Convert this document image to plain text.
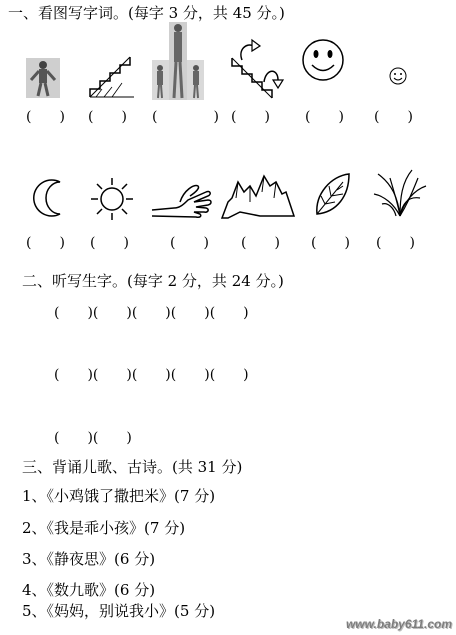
一、看图写字词。(每字 3 分，共 45 分。)
(　　) (　　) (　　　　) (　　)	(　　) (　　)
(　　) (　　)	(　　) (　　) (　　) (　　)
二、听写生字。(每字 2 分，共 24 分。)
(　　)(　　)(　　)(　　)(　　)
(　　)(　　)(　　)(　　)(　　)
(　　)(　　)
三、背诵儿歌、古诗。(共 31 分)
1、《小鸡饿了撒把米》(7 分)
2、《我是乖小孩》(7 分)
3、《静夜思》(6 分)
4、《数九歌》(6 分)
5、《妈妈，别说我小》(5 分)
www.baby611.com
